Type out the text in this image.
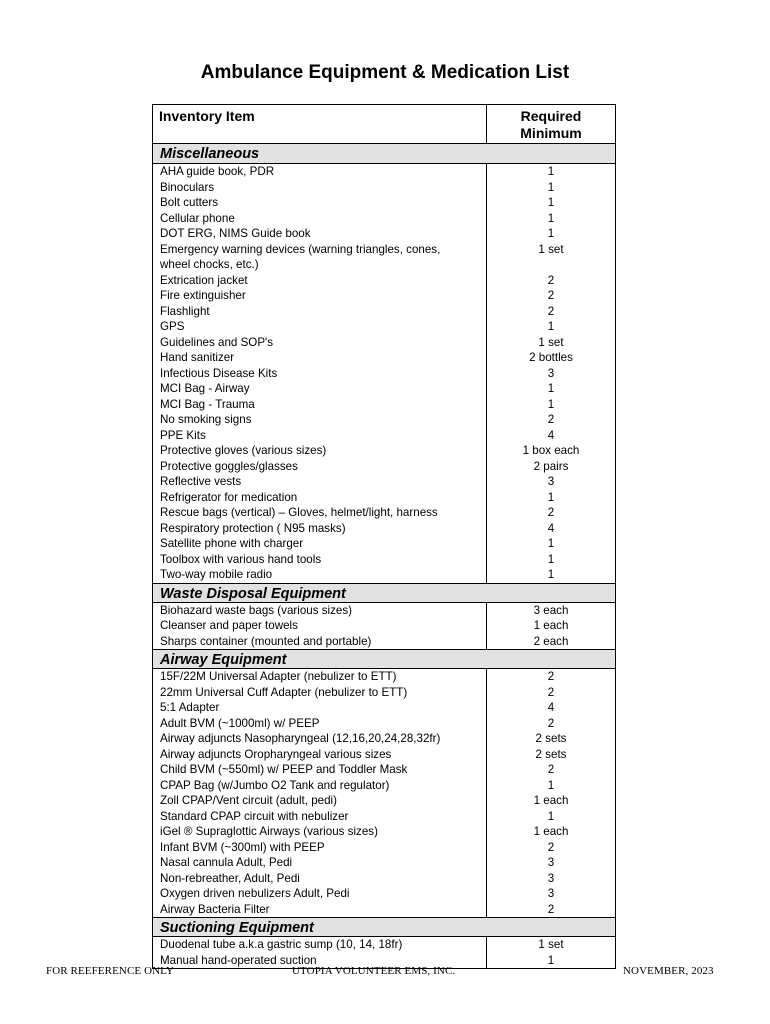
Ambulance Equipment & Medication List
Inventory Item	Required
Minimum
Miscellaneous
AHA guide book, PDR	1
Binoculars	1
Bolt cutters	1
Cellular phone	1
DOT ERG, NIMS Guide book	1
Emergency warning devices (warning triangles, cones,	1 set
wheel chocks, etc.)
Extrication jacket	2
Fire extinguisher	2
Flashlight	2
GPS	1
Guidelines and SOP's	1 set
Hand sanitizer	2 bottles
Infectious Disease Kits	3
MCI Bag - Airway	1
MCI Bag - Trauma	1
No smoking signs	2
PPE Kits	4
Protective gloves (various sizes)	1 box each
Protective goggles/glasses	2 pairs
Reflective vests	3
Refrigerator for medication	1
Rescue bags (vertical) – Gloves, helmet/light, harness	2
Respiratory protection ( N95 masks)	4
Satellite phone with charger	1
Toolbox with various hand tools	1
Two-way mobile radio	1
Waste Disposal Equipment
Biohazard waste bags (various sizes)	3 each
Cleanser and paper towels	1 each
Sharps container (mounted and portable)	2 each
Airway Equipment
15F/22M Universal Adapter (nebulizer to ETT)	2
22mm Universal Cuff Adapter (nebulizer to ETT)	2
5:1 Adapter	4
Adult BVM (~1000ml) w/ PEEP	2
Airway adjuncts Nasopharyngeal (12,16,20,24,28,32fr)	2 sets
Airway adjuncts Oropharyngeal various sizes	2 sets
Child BVM (~550ml) w/ PEEP and Toddler Mask	2
CPAP Bag (w/Jumbo O2 Tank and regulator)	1
Zoll CPAP/Vent circuit (adult, pedi)	1 each
Standard CPAP circuit with nebulizer	1
iGel ® Supraglottic Airways (various sizes)	1 each
Infant BVM (~300ml) with PEEP	2
Nasal cannula Adult, Pedi	3
Non-rebreather, Adult, Pedi	3
Oxygen driven nebulizers Adult, Pedi	3
Airway Bacteria Filter	2
Suctioning Equipment
Duodenal tube a.k.a gastric sump (10, 14, 18fr)	1 set
Manual hand-operated suction	1
FOR REEFERENCE ONLY	UTOPIA VOLUNTEER EMS, INC.	NOVEMBER, 2023
